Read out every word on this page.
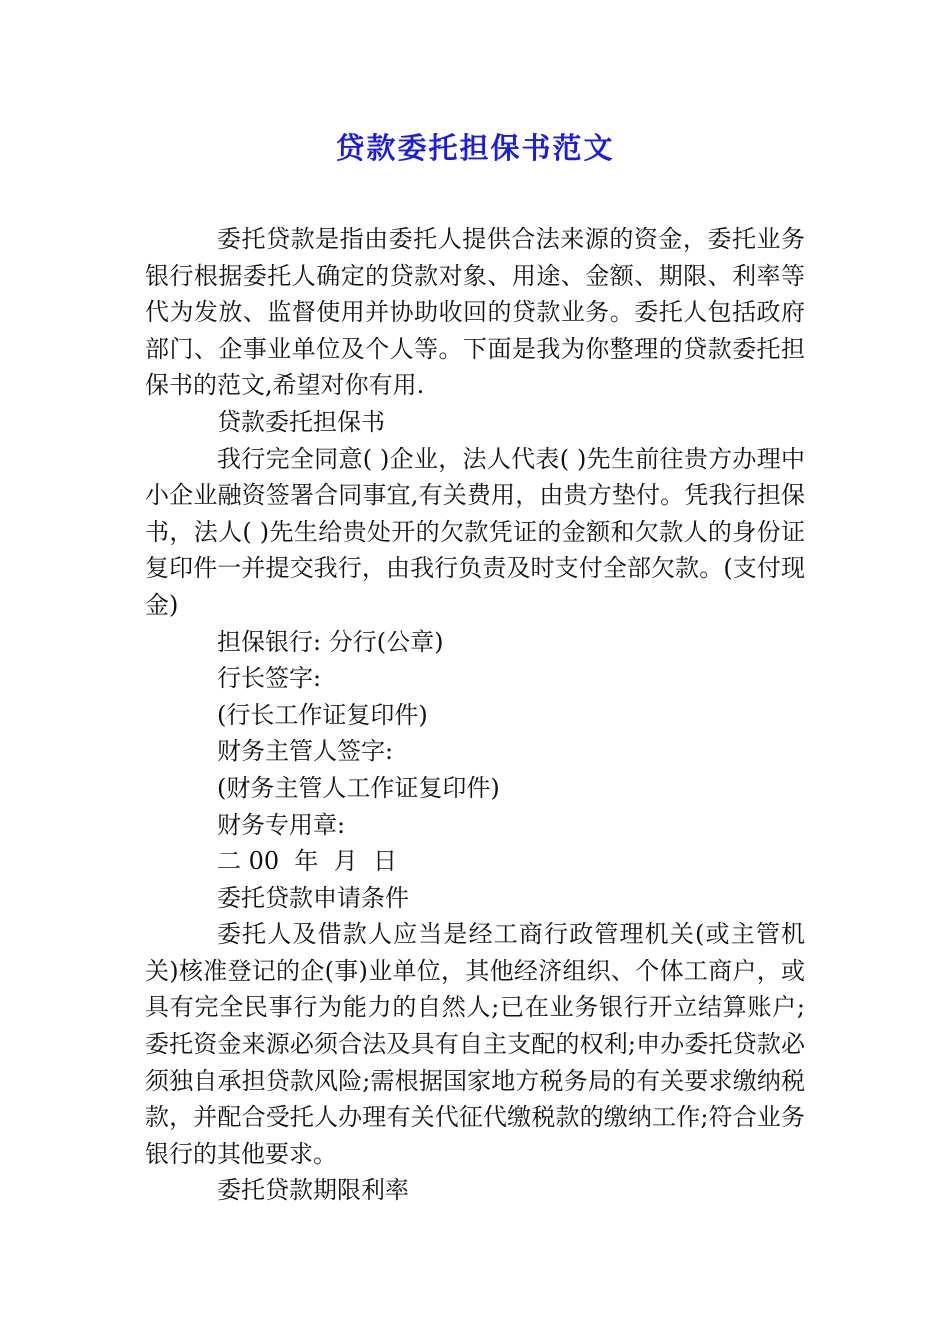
贷款委托担保书范文

委托贷款是指由委托人提供合法来源的资金，委托业务银行根据委托人确定的贷款对象、用途、金额、期限、利率等代为发放、监督使用并协助收回的贷款业务。委托人包括政府部门、企事业单位及个人等。下面是我为你整理的贷款委托担保书的范文,希望对你有用.

贷款委托担保书

我行完全同意( )企业，法人代表( )先生前往贵方办理中小企业融资签署合同事宜,有关费用，由贵方垫付。凭我行担保书，法人( )先生给贵处开的欠款凭证的金额和欠款人的身份证复印件一并提交我行，由我行负责及时支付全部欠款。(支付现金)

担保银行: 分行(公章)

行长签字:

(行长工作证复印件)

财务主管人签字:

(财务主管人工作证复印件)

财务专用章:

二 00  年  月  日

委托贷款申请条件

委托人及借款人应当是经工商行政管理机关(或主管机关)核准登记的企(事)业单位，其他经济组织、个体工商户，或具有完全民事行为能力的自然人;已在业务银行开立结算账户;委托资金来源必须合法及具有自主支配的权利;申办委托贷款必须独自承担贷款风险;需根据国家地方税务局的有关要求缴纳税款，并配合受托人办理有关代征代缴税款的缴纳工作;符合业务银行的其他要求。

委托贷款期限利率
